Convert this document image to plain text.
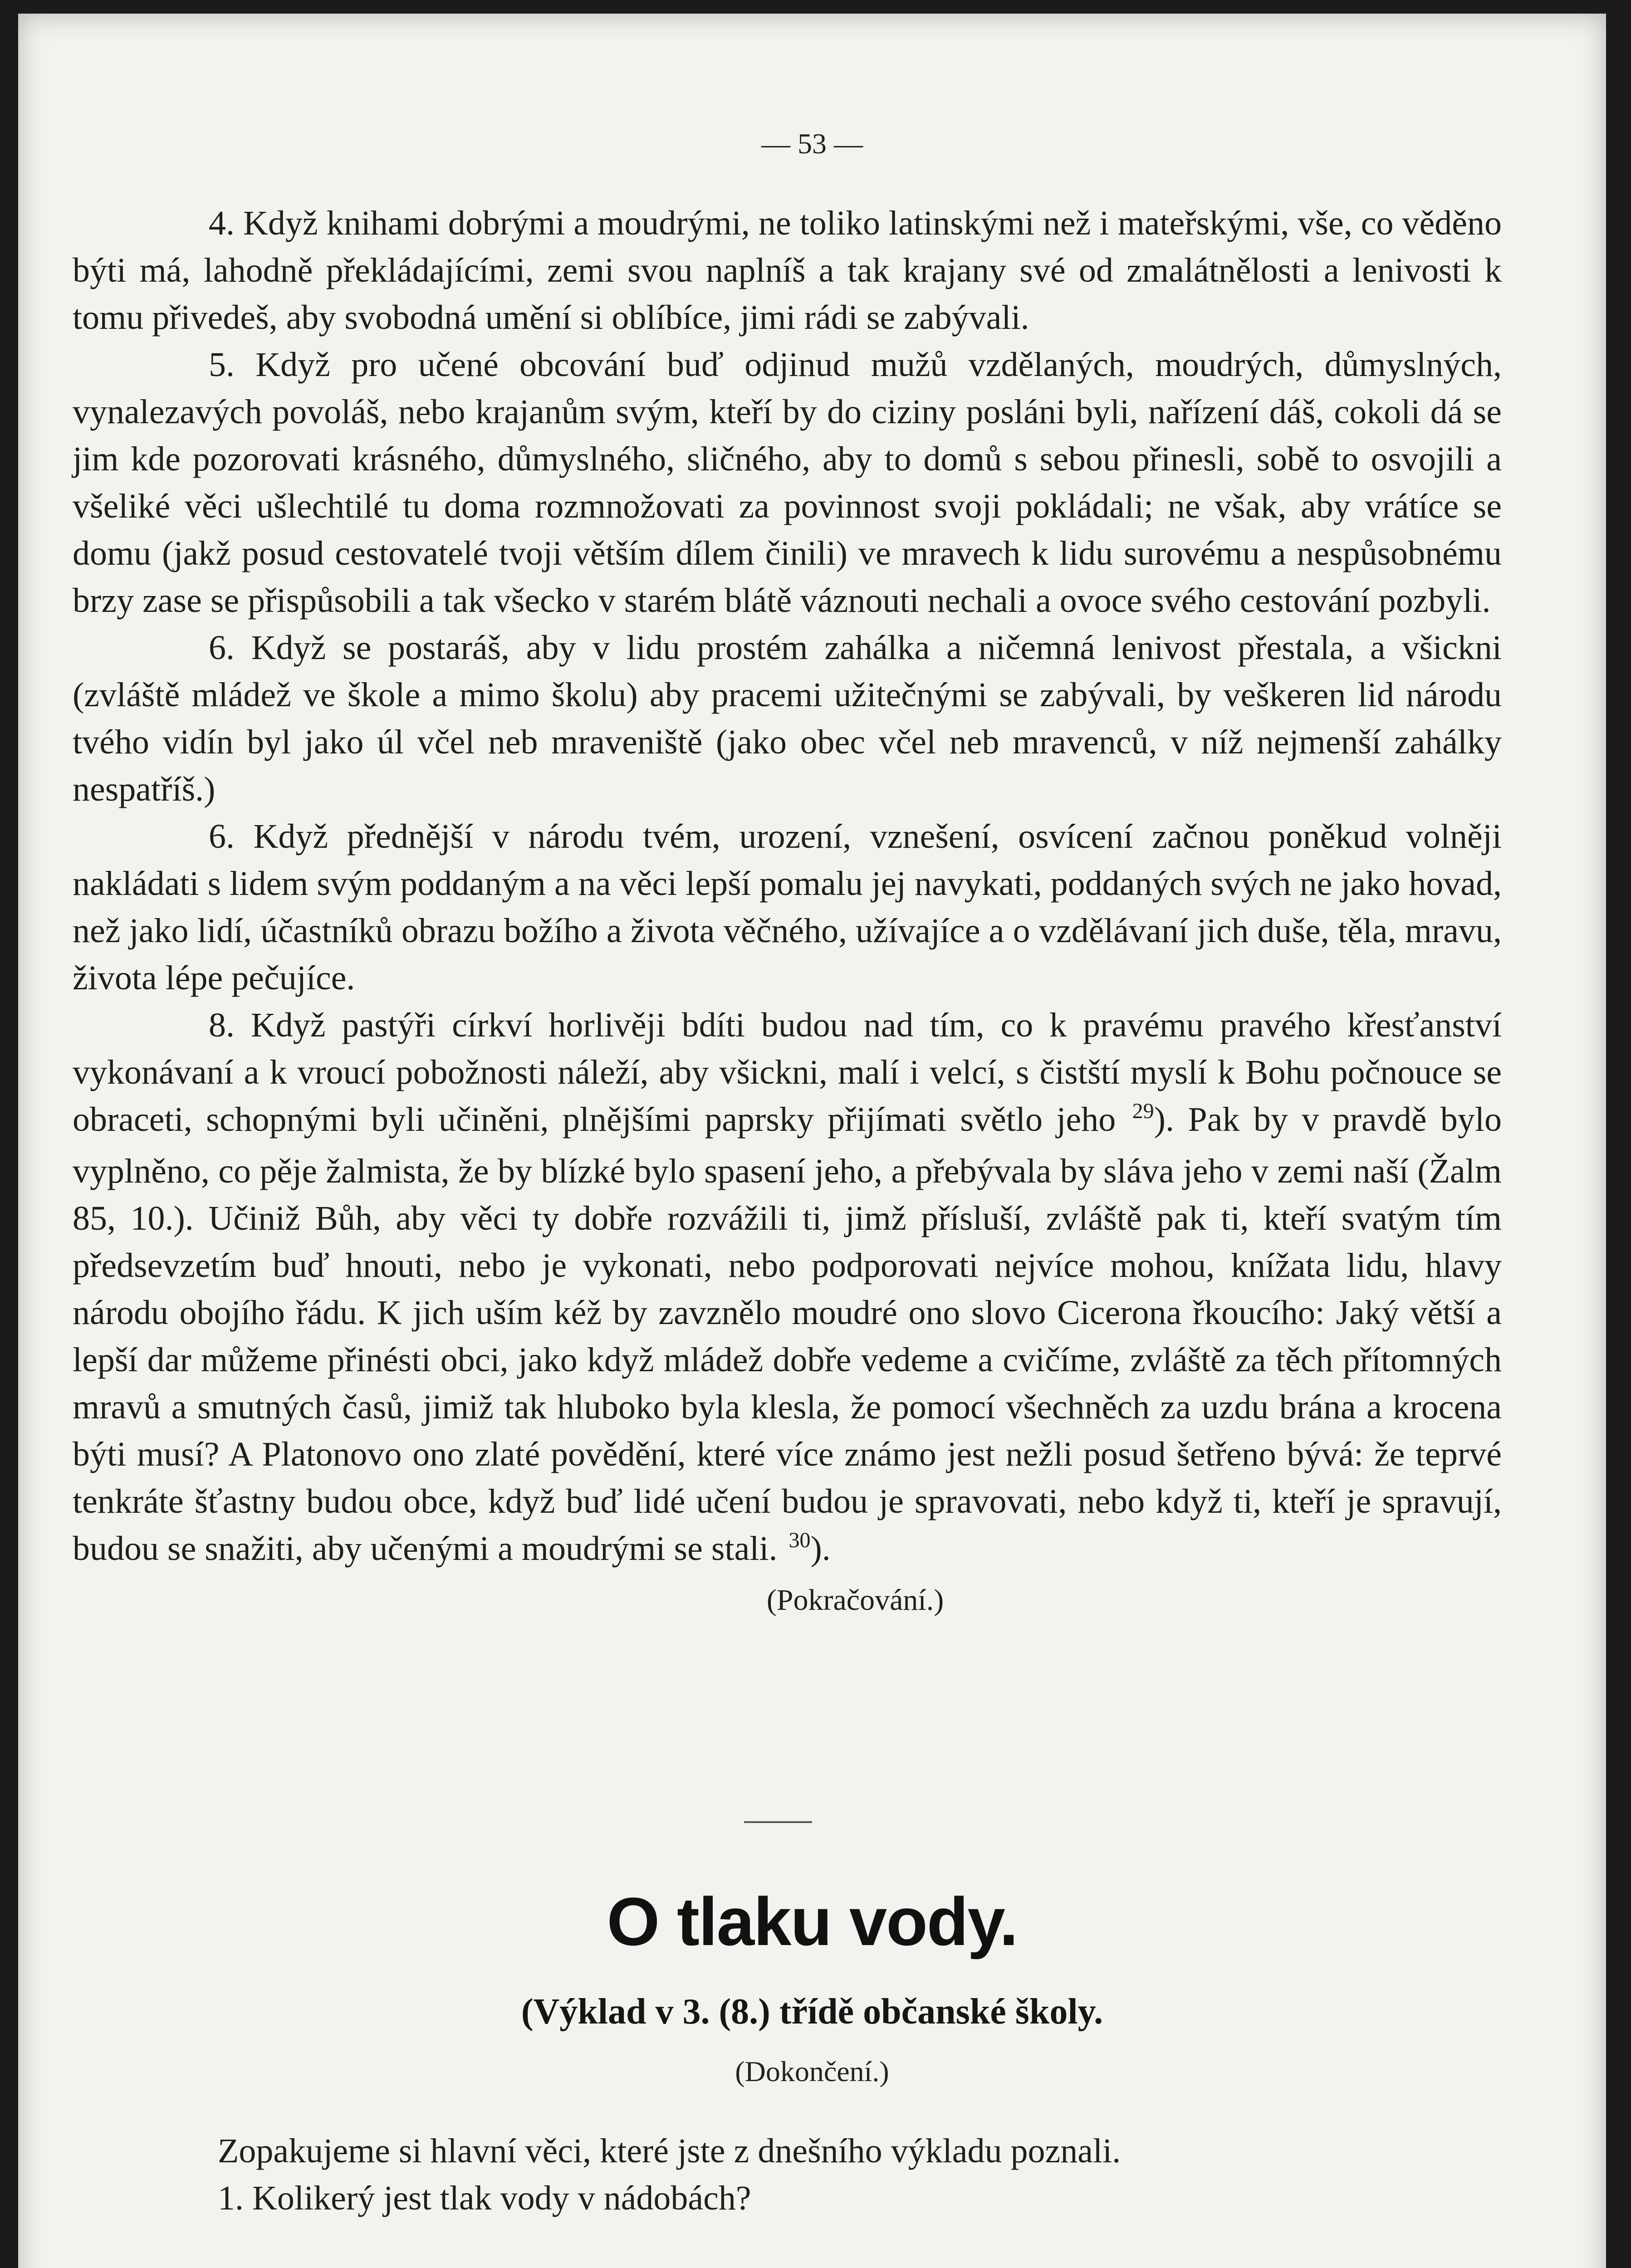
— 53 —

4. Když knihami dobrými a moudrými, ne toliko latinskými než i mateřskými, vše, co věděno býti má, lahodně překládajícími, zemi svou naplníš a tak krajany své od zmalátnělosti a lenivosti k tomu přivedeš, aby svobodná umění si oblíbíce, jimi rádi se zabývali.

5. Když pro učené obcování buď odjinud mužů vzdělaných, moudrých, důmyslných, vynalezavých povoláš, nebo krajanům svým, kteří by do ciziny posláni byli, nařízení dáš, cokoli dá se jim kde pozorovati krásného, důmyslného, sličného, aby to domů s sebou přinesli, sobě to osvojili a všeliké věci ušlechtilé tu doma rozmnožovati za povinnost svoji pokládali; ne však, aby vrátíce se domu (jakž posud cestovatelé tvoji větším dílem činili) ve mravech k lidu surovému a nespůsobnému brzy zase se přispůsobili a tak všecko v starém blátě váznouti nechali a ovoce svého cestování pozbyli.

6. Když se postaráš, aby v lidu prostém zahálka a ničemná lenivost přestala, a všickni (zvláště mládež ve škole a mimo školu) aby pracemi užitečnými se zabývali, by veškeren lid národu tvého vidín byl jako úl včel neb mraveniště (jako obec včel neb mravenců, v níž nejmenší zahálky nespatříš.)

6. Když přednější v národu tvém, urození, vznešení, osvícení začnou poněkud volněji nakládati s lidem svým poddaným a na věci lepší pomalu jej navykati, poddaných svých ne jako hovad, než jako lidí, účastníků obrazu božího a života věčného, užívajíce a o vzdělávaní jich duše, těla, mravu, života lépe pečujíce.

8. Když pastýři církví horlivěji bdíti budou nad tím, co k pravému pravého křesťanství vykonávaní a k vroucí pobožnosti náleží, aby všickni, malí i velcí, s čistští myslí k Bohu počnouce se obraceti, schopnými byli učiněni, plnějšími paprsky přijímati světlo jeho $^{29}$). Pak by v pravdě bylo vyplněno, co pěje žalmista, že by blízké bylo spasení jeho, a přebývala by sláva jeho v zemi naší (Žalm 85, 10.). Učiniž Bůh, aby věci ty dobře rozvážili ti, jimž přísluší, zvláště pak ti, kteří svatým tím předsevzetím buď hnouti, nebo je vykonati, nebo podporovati nejvíce mohou, knížata lidu, hlavy národu obojího řádu. K jich uším kéž by zavznělo moudré ono slovo Cicerona řkoucího: Jaký větší a lepší dar můžeme přinésti obci, jako když mládež dobře vedeme a cvičíme, zvláště za těch přítomných mravů a smutných časů, jimiž tak hluboko byla klesla, že pomocí všechněch za uzdu brána a krocena býti musí? A Platonovo ono zlaté povědění, které více známo jest nežli posud šetřeno bývá: že teprvé tenkráte šťastny budou obce, když buď lidé učení budou je spravovati, nebo když ti, kteří je spravují, budou se snažiti, aby učenými a moudrými se stali. $^{30}$).

(Pokračování.)

O tlaku vody.
(Výklad v 3. (8.) třídě občanské školy.
(Dokončení.)
Zopakujeme si hlavní věci, které jste z dnešního výkladu poznali.
1. Kolikerý jest tlak vody v nádobách?
